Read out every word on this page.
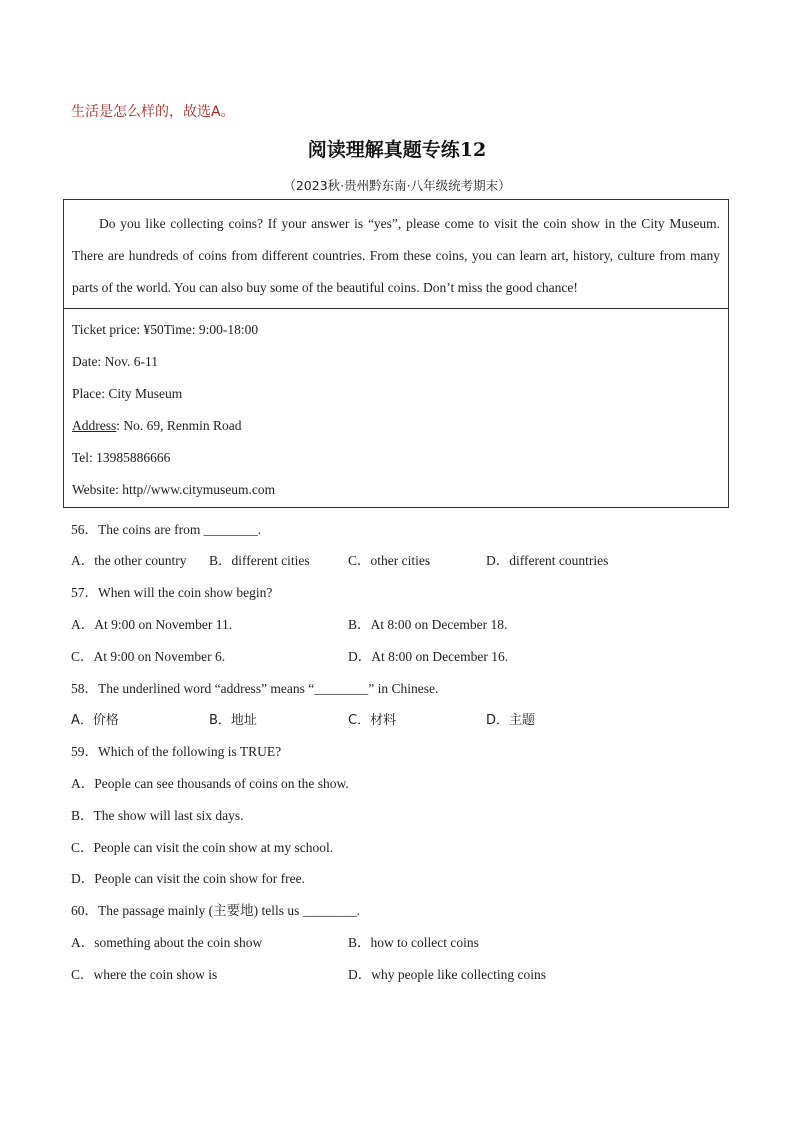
生活是怎么样的，故选A。
阅读理解真题专练12
（2023秋·贵州黔东南·八年级统考期末）
Do you like collecting coins? If your answer is “yes”, please come to visit the coin show in the City Museum. There are hundreds of coins from different countries. From these coins, you can learn art, history, culture from many parts of the world. You can also buy some of the beautiful coins. Don’t miss the good chance!
Ticket price: ¥50Time: 9:00-18:00
Date: Nov. 6-11
Place: City Museum
Address: No. 69, Renmin Road
Tel: 13985886666
Website: http//www.citymuseum.com
56．The coins are from ________.
A．the other country B．different cities	C．other cities	D．different countries
57．When will the coin show begin?
A．At 9:00 on November 11.	B．At 8:00 on December 18.
C．At 9:00 on November 6.	D．At 8:00 on December 16.
58．The underlined word “address” means “________” in Chinese.
A．价格	B．地址	C．材料	D．主题
59．Which of the following is TRUE?
A．People can see thousands of coins on the show.
B．The show will last six days.
C．People can visit the coin show at my school.
D．People can visit the coin show for free.
60．The passage mainly (主要地) tells us ________.
A．something about the coin show	B．how to collect coins
C．where the coin show is	D．why people like collecting coins
